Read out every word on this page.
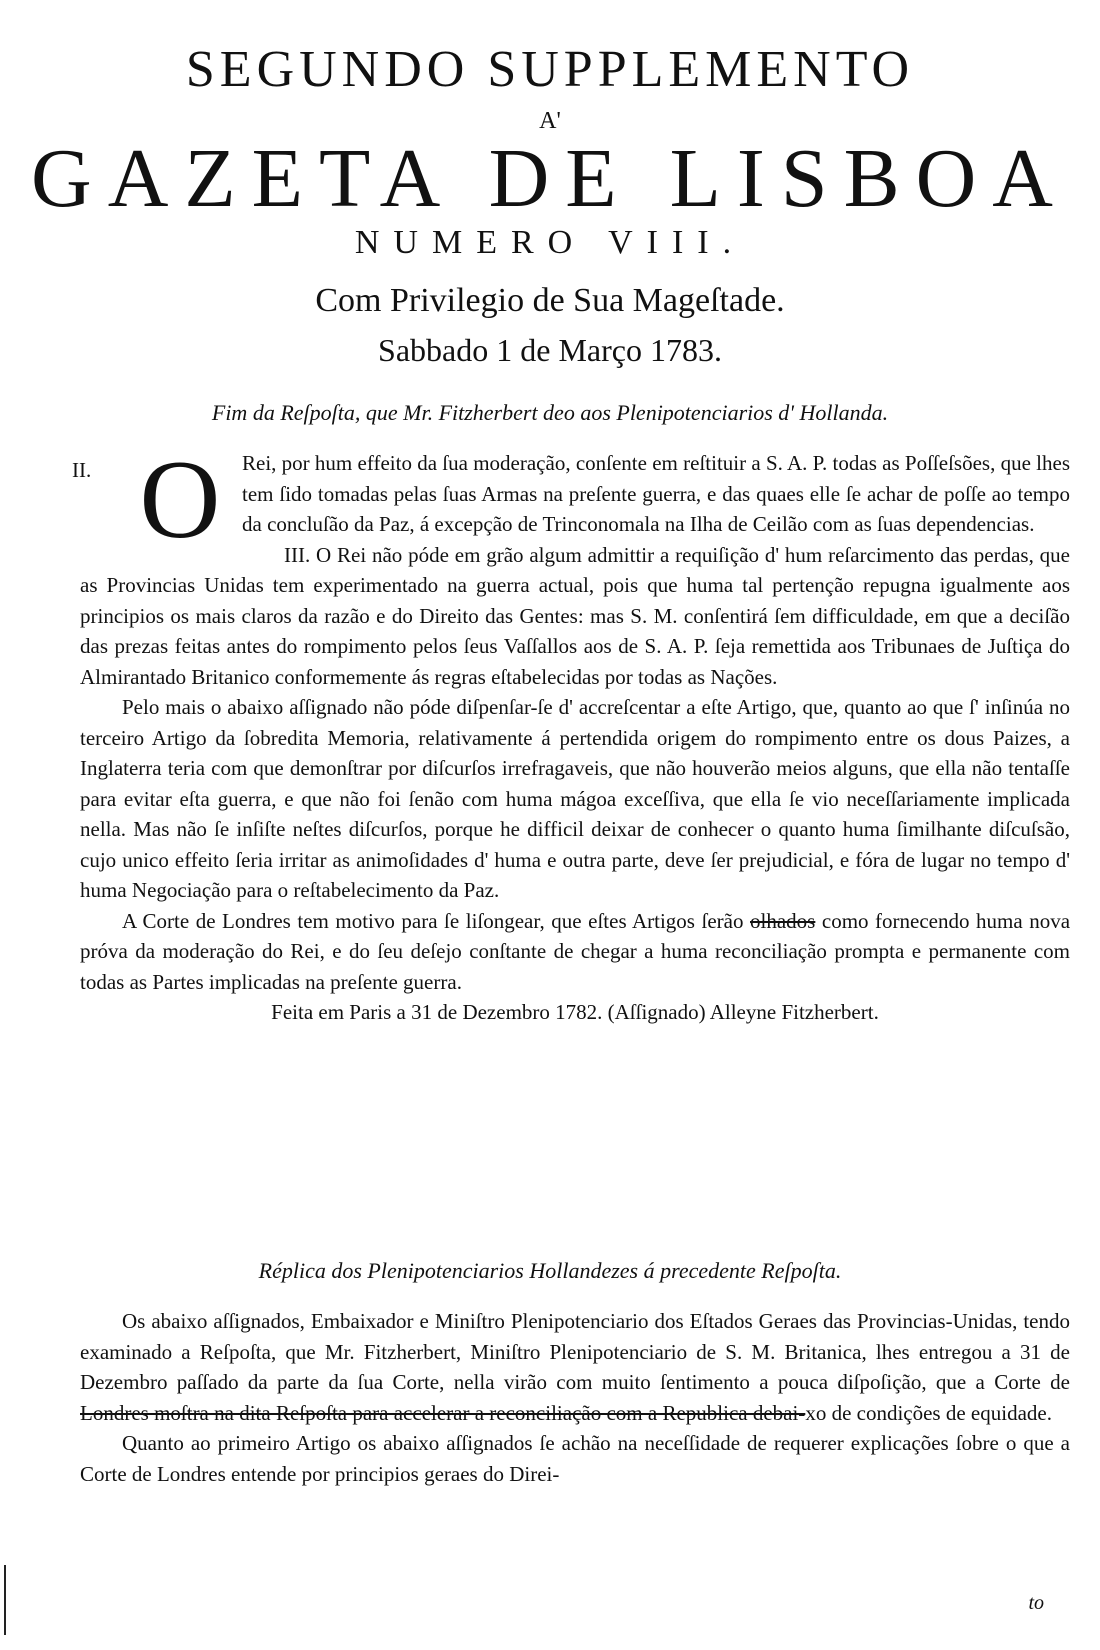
SEGUNDO SUPPLEMENTO
A'
GAZETA DE LISBOA
NUMERO VIII.
Com Privilegio de Sua Mageſtade.
Sabbado 1 de Março 1783.
Fim da Reſpoſta, que Mr. Fitzherbert deo aos Plenipotenciarios d' Hollanda.
II. O	Rei, por hum effeito da ſua moderação, conſente em reſtituir a S. A. P. todas as Poſſeſsões, que lhes tem ſido tomadas pelas ſuas Armas na preſente guerra, e das quaes elle ſe achar de poſſe ao tempo da concluſão da Paz, á excepção de Trinconomala na Ilha de Ceilão com as ſuas dependencias.

III. O Rei não póde em grão algum admittir a requiſição d' hum reſarcimento das perdas, que as Provincias Unidas tem experimentado na guerra actual, pois que huma tal pertenção repugna igualmente aos principios os mais claros da razão e do Direito das Gentes: mas S. M. conſentirá ſem difficuldade, em que a deciſão das prezas feitas antes do rompimento pelos ſeus Vaſſallos aos de S. A. P. ſeja remettida aos Tribunaes de Juſtiça do Almirantado Britanico conformemente ás regras eſtabelecidas por todas as Nações.

Pelo mais o abaixo aſſignado não póde diſpenſar-ſe d' accreſcentar a eſte Artigo, que, quanto ao que ſ' inſinúa no terceiro Artigo da ſobredita Memoria, relativamente á pertendida origem do rompimento entre os dous Paizes, a Inglaterra teria com que demonſtrar por diſcurſos irrefragaveis, que não houverão meios alguns, que ella não tentaſſe para evitar eſta guerra, e que não foi ſenão com huma mágoa exceſſiva, que ella ſe vio neceſſariamente implicada nella. Mas não ſe inſiſte neſtes diſcurſos, porque he difficil deixar de conhecer o quanto huma ſimilhante diſcuſsão, cujo unico effeito ſeria irritar as animoſidades d' huma e outra parte, deve ſer prejudicial, e fóra de lugar no tempo d' huma Negociação para o reſtabelecimento da Paz.

A Corte de Londres tem motivo para ſe liſongear, que eſtes Artigos ſerão olhados como fornecendo huma nova próva da moderação do Rei, e do ſeu deſejo conſtante de chegar a huma reconciliação prompta e permanente com todas as Partes implicadas na preſente guerra.

Feita em Paris a 31 de Dezembro 1782. (Aſſignado) Alleyne Fitzherbert.

Réplica dos Plenipotenciarios Hollandezes á precedente Reſpoſta.

Os abaixo aſſignados, Embaixador e Miniſtro Plenipotenciario dos Eſtados Geraes das Provincias-Unidas, tendo examinado a Reſpoſta, que Mr. Fitzherbert, Miniſtro Plenipotenciario de S. M. Britanica, lhes entregou a 31 de Dezembro paſſado da parte da ſua Corte, nella virão com muito ſentimento a pouca diſpoſição, que a Corte de Londres moſtra na dita Reſpoſta para accelerar a reconciliação com a Republica debai-xo de condições de equidade.

Quanto ao primeiro Artigo os abaixo aſſignados ſe achão na neceſſidade de requerer explicações ſobre o que a Corte de Londres entende por principios geraes do Direi-

to
